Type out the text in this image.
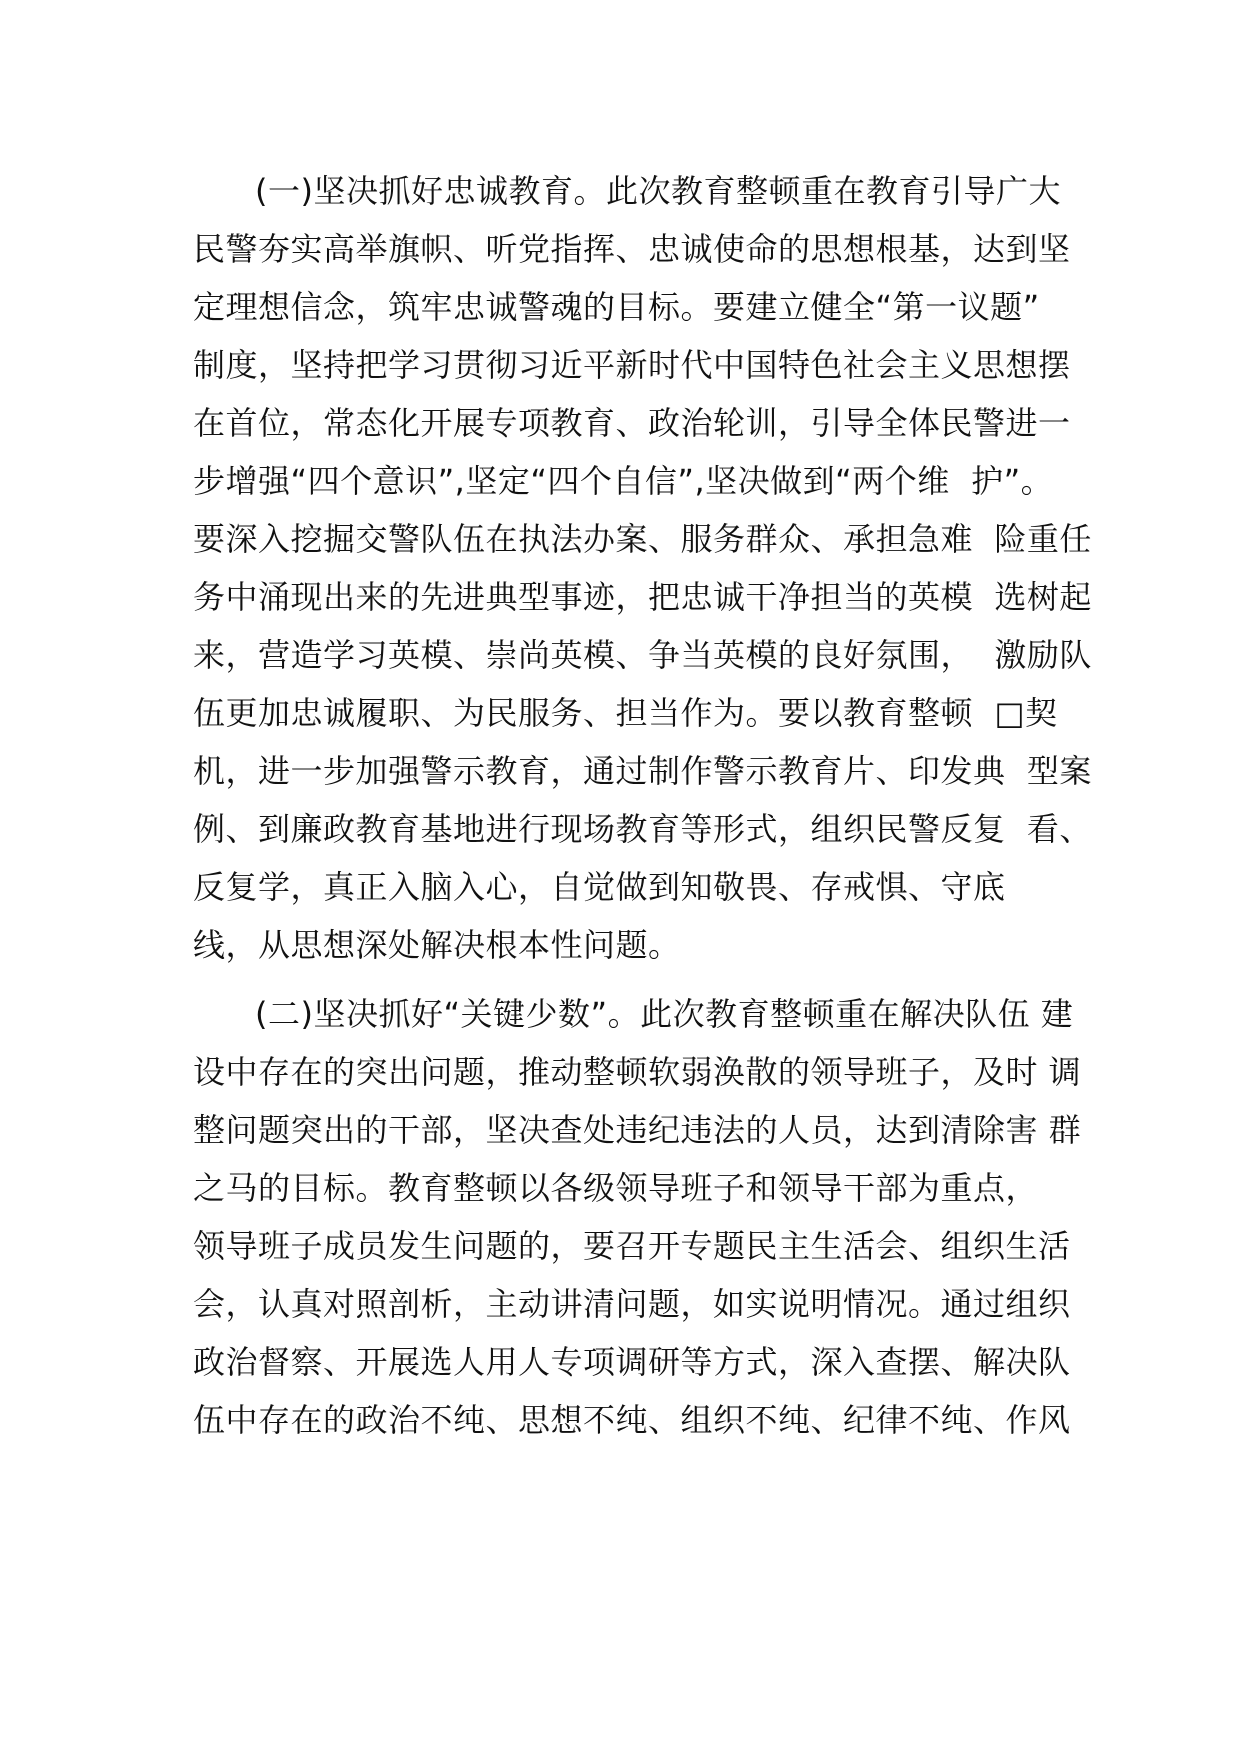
(一)坚决抓好忠诚教育。此次教育整顿重在教育引导广大
民警夯实高举旗帜、听党指挥、忠诚使命的思想根基，达到坚
定理想信念，筑牢忠诚警魂的目标。要建立健全“第一议题”
制度，坚持把学习贯彻习近平新时代中国特色社会主义思想摆
在首位，常态化开展专项教育、政治轮训，引导全体民警进一
步增强“四个意识”,坚定“四个自信”,坚决做到“两个维  护”。
要深入挖掘交警队伍在执法办案、服务群众、承担急难  险重任
务中涌现出来的先进典型事迹，把忠诚干净担当的英模  选树起
来，营造学习英模、崇尚英模、争当英模的良好氛围，  激励队
伍更加忠诚履职、为民服务、担当作为。要以教育整顿  □契
机，进一步加强警示教育，通过制作警示教育片、印发典  型案
例、到廉政教育基地进行现场教育等形式，组织民警反复  看、
反复学，真正入脑入心，自觉做到知敬畏、存戒惧、守底
线，从思想深处解决根本性问题。
(二)坚决抓好“关键少数”。此次教育整顿重在解决队伍 建
设中存在的突出问题，推动整顿软弱涣散的领导班子，及时 调
整问题突出的干部，坚决查处违纪违法的人员，达到清除害 群
之马的目标。教育整顿以各级领导班子和领导干部为重点，
领导班子成员发生问题的，要召开专题民主生活会、组织生活
会，认真对照剖析，主动讲清问题，如实说明情况。通过组织
政治督察、开展选人用人专项调研等方式，深入查摆、解决队
伍中存在的政治不纯、思想不纯、组织不纯、纪律不纯、作风
